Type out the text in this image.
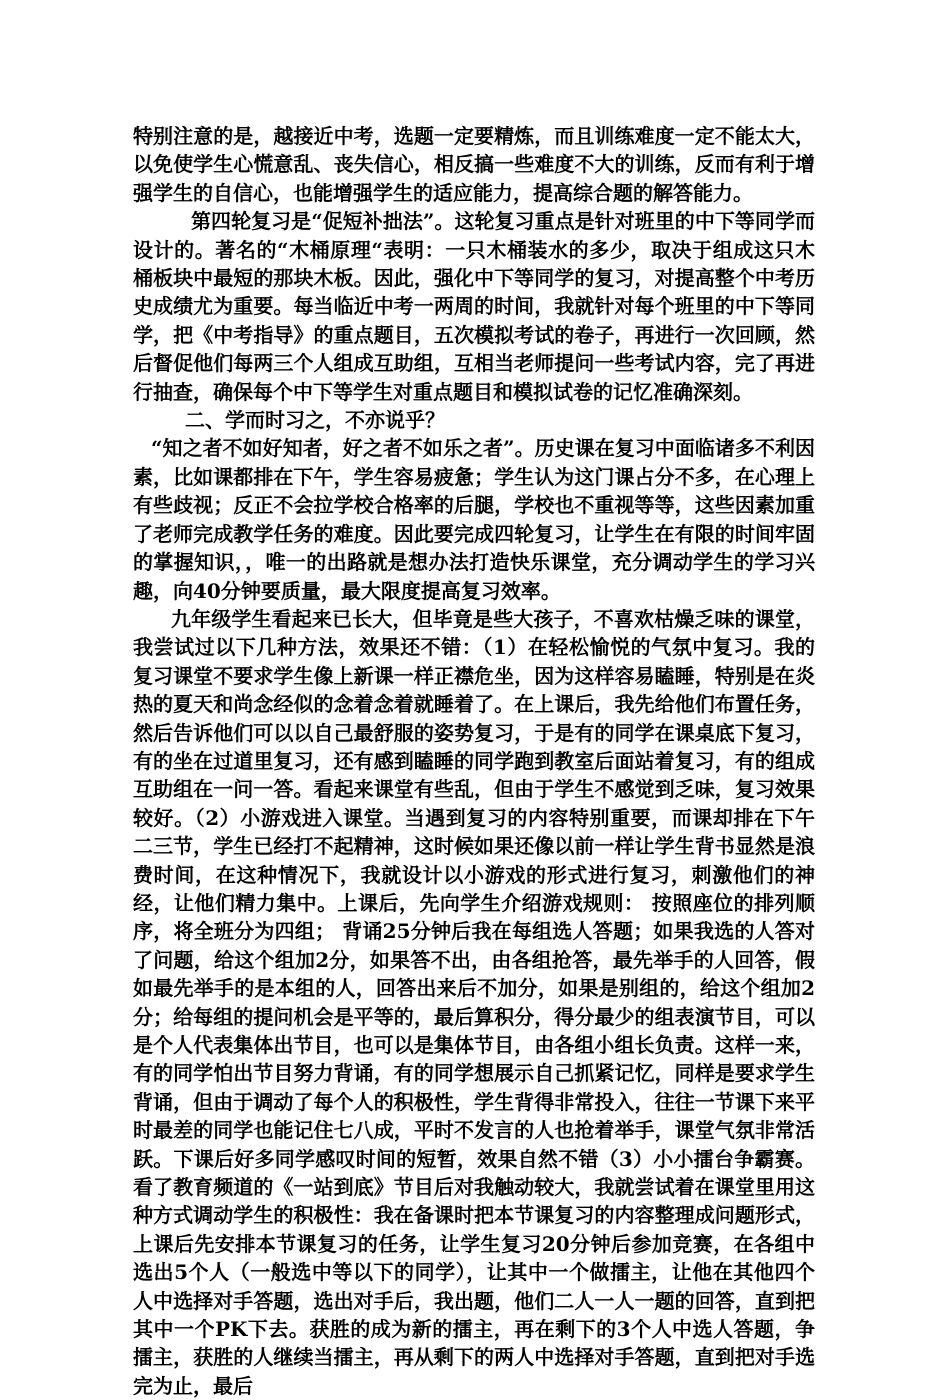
特别注意的是，越接近中考，选题一定要精炼，而且训练难度一定不能太大，以免使学生心慌意乱、丧失信心，相反搞一些难度不大的训练，反而有利于增强学生的自信心，也能增强学生的适应能力，提高综合题的解答能力。

第四轮复习是“促短补拙法”。这轮复习重点是针对班里的中下等同学而设计的。著名的“木桶原理“表明：一只木桶装水的多少，取决于组成这只木桶板块中最短的那块木板。因此，强化中下等同学的复习，对提高整个中考历史成绩尤为重要。每当临近中考一两周的时间，我就针对每个班里的中下等同学，把《中考指导》的重点题目，五次模拟考试的卷子，再进行一次回顾，然后督促他们每两三个人组成互助组，互相当老师提问一些考试内容，完了再进行抽查，确保每个中下等学生对重点题目和模拟试卷的记忆准确深刻。

二、学而时习之，不亦说乎？

“知之者不如好知者，好之者不如乐之者”。历史课在复习中面临诸多不利因素，比如课都排在下午，学生容易疲惫；学生认为这门课占分不多，在心理上有些歧视；反正不会拉学校合格率的后腿，学校也不重视等等，这些因素加重了老师完成教学任务的难度。因此要完成四轮复习，让学生在有限的时间牢固的掌握知识，，唯一的出路就是想办法打造快乐课堂，充分调动学生的学习兴趣，向40分钟要质量，最大限度提高复习效率。

九年级学生看起来已长大，但毕竟是些大孩子，不喜欢枯燥乏味的课堂，我尝试过以下几种方法，效果还不错：（1）在轻松愉悦的气氛中复习。我的复习课堂不要求学生像上新课一样正襟危坐，因为这样容易瞌睡，特别是在炎热的夏天和尚念经似的念着念着就睡着了。在上课后，我先给他们布置任务，然后告诉他们可以以自己最舒服的姿势复习，于是有的同学在课桌底下复习，有的坐在过道里复习，还有感到瞌睡的同学跑到教室后面站着复习，有的组成互助组在一问一答。看起来课堂有些乱，但由于学生不感觉到乏味，复习效果较好。（2）小游戏进入课堂。当遇到复习的内容特别重要，而课却排在下午二三节，学生已经打不起精神，这时候如果还像以前一样让学生背书显然是浪费时间，在这种情况下，我就设计以小游戏的形式进行复习，刺激他们的神经，让他们精力集中。上课后，先向学生介绍游戏规则： 按照座位的排列顺序，将全班分为四组； 背诵25分钟后我在每组选人答题；如果我选的人答对了问题，给这个组加2分，如果答不出，由各组抢答，最先举手的人回答，假如最先举手的是本组的人，回答出来后不加分，如果是别组的，给这个组加2分；给每组的提问机会是平等的，最后算积分，得分最少的组表演节目，可以是个人代表集体出节目，也可以是集体节目，由各组小组长负责。这样一来，有的同学怕出节目努力背诵，有的同学想展示自己抓紧记忆，同样是要求学生背诵，但由于调动了每个人的积极性，学生背得非常投入，往往一节课下来平时最差的同学也能记住七八成，平时不发言的人也抢着举手，课堂气氛非常活跃。下课后好多同学感叹时间的短暂，效果自然不错（3）小小擂台争霸赛。看了教育频道的《一站到底》节目后对我触动较大，我就尝试着在课堂里用这种方式调动学生的积极性：我在备课时把本节课复习的内容整理成问题形式，上课后先安排本节课复习的任务，让学生复习20分钟后参加竞赛，在各组中选出5个人（一般选中等以下的同学），让其中一个做擂主，让他在其他四个人中选择对手答题，选出对手后，我出题，他们二人一人一题的回答，直到把其中一个PK下去。获胜的成为新的擂主，再在剩下的3个人中选人答题，争擂主，获胜的人继续当擂主，再从剩下的两人中选择对手答题，直到把对手选完为止，最后
